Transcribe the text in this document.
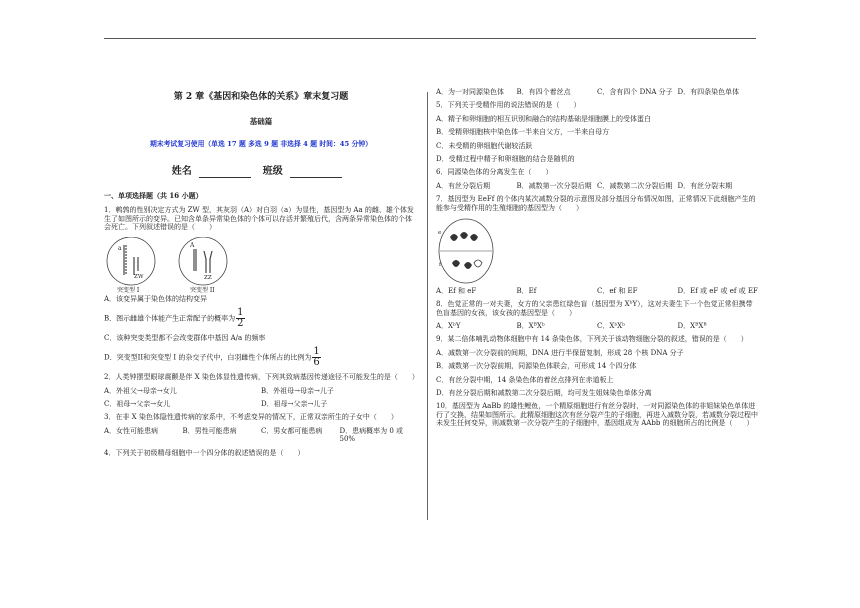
第 2 章《基因和染色体的关系》章末复习题
基础篇
期末考试复习使用（单选 17 题 多选 9 题 非选择 4 题 时间：45 分钟）
姓名	班级
一、单项选择题（共 16 小题）
1．鹌鹑的性别决定方式为 ZW 型，其灰羽（A）对白羽（a）为显性，基因型为 Aa 的雌、雄个体发生了如图所示的变异。已知含单条异常染色体的个体可以存活并繁殖后代，含两条异常染色体的个体会死亡。下列叙述错误的是（　　）
a
ZW
突变型 I
A
ZZ
突变型 II
A．该变异属于染色体的结构变异
B．图示雌雄个体能产生正常配子的概率为 $\frac{1}{2}$
C．该种突变类型都不会改变群体中基因 A/a 的频率
D．突变型II和突变型 I 的杂交子代中，白羽雌性个体所占的比例为 $\frac{1}{6}$
2．人类钟摆型眼球震颤是伴 X 染色体显性遗传病，下列其致病基因传递途径不可能发生的是（　　）
A．外祖父→母亲→女儿	B．外祖母→母亲→儿子
C．祖母→父亲→女儿	D．祖母→父亲→儿子
3．在非 X 染色体隐性遗传病的家系中，不考虑变异的情况下，正常双亲所生的子女中（　　）
A．女性可能患病	B．男性可能患病	C．男女都可能患病	D．患病概率为 0 或 50%
4．下列关于初级精母细胞中一个四分体的叙述错误的是（　　）
A．为一对同源染色体	B．有四个着丝点	C．含有四个 DNA 分子 D．有四条染色单体
5．下列关于受精作用的说法错误的是（　　）
A．精子和卵细胞的相互识别和融合的结构基础是细胞膜上的受体蛋白
B．受精卵细胞核中染色体一半来自父方，一半来自母方
C．未受精的卵细胞代谢较活跃
D．受精过程中精子和卵细胞的结合是随机的
6．同源染色体的分离发生在（　　）
A．有丝分裂后期	B．减数第一次分裂后期 C．减数第二次分裂后期 D．有丝分裂末期
7．基因型为 EeFf 的个体内某次减数分裂的示意图及部分基因分布情况如图，正常情况下此细胞产生的能参与受精作用的生殖细胞的基因型为（　　）
e
f
A．Ef 和 eF	B．Ef	C．ef 和 EF	D．Ef 或 eF 或 ef 或 EF
8．色觉正常的一对夫妻，女方的父亲患红绿色盲（基因型为 XᵇY），这对夫妻生下一个色觉正常但携带色盲基因的女孩，该女孩的基因型是（　　）
A．XᵇY	B．XᴮXᵇ	C．XᵇXᵇ	D．XᴮXᴮ
9．某二倍体哺乳动物体细胞中有 14 条染色体，下列关于该动物细胞分裂的叙述，错误的是（　　）
A．减数第一次分裂前的间期，DNA 进行半保留复制，形成 28 个核 DNA 分子
B．减数第一次分裂前期，同源染色体联会，可形成 14 个四分体
C．有丝分裂中期，14 条染色体的着丝点排列在赤道板上
D．有丝分裂后期和减数第二次分裂后期，均可发生姐妹染色单体分离
10．基因型为 AaBb 的雄性鲤鱼，一个精原细胞进行有丝分裂时，一对同源染色体的非姐妹染色单体进行了交换，结果如图所示。此精原细胞这次有丝分裂产生的子细胞，再进入减数分裂，若减数分裂过程中未发生任何变异，则减数第一次分裂产生的子细胞中，基因组成为 AAbb 的细胞所占的比例是（　　）
